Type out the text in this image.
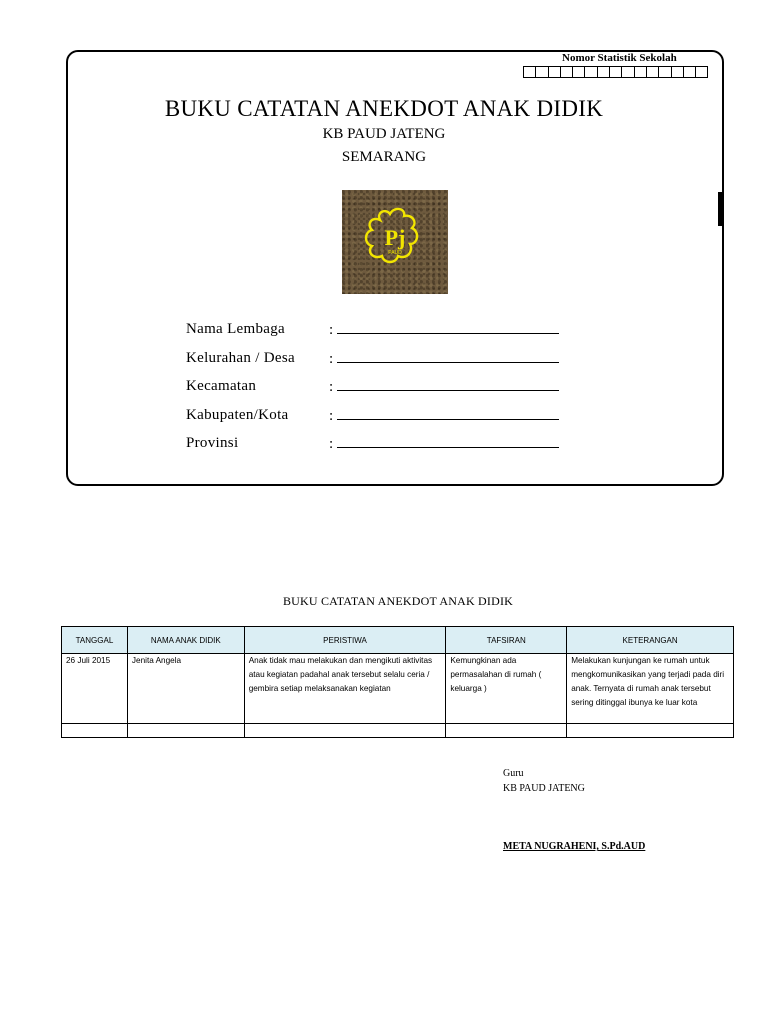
Nomor Statistik Sekolah
BUKU CATATAN ANEKDOT ANAK DIDIK
KB PAUD JATENG
SEMARANG
Pj
PAUD
Nama Lembaga	:
Kelurahan / Desa :
Kecamatan	:
Kabupaten/Kota	:
Provinsi	:
BUKU CATATAN ANEKDOT ANAK DIDIK
TANGGAL	NAMA ANAK DIDIK	PERISTIWA	TAFSIRAN	KETERANGAN
26 Juli 2015	Jenita Angela	Anak tidak mau melakukan dan mengikuti aktivitas atau kegiatan padahal anak tersebut selalu ceria / gembira setiap melaksanakan kegiatan	Kemungkinan ada permasalahan di rumah ( keluarga )	Melakukan kunjungan ke rumah untuk mengkomunikasikan yang terjadi pada diri anak. Ternyata di rumah anak tersebut sering ditinggal ibunya ke luar kota

Guru
KB PAUD JATENG
META NUGRAHENI, S.Pd.AUD
